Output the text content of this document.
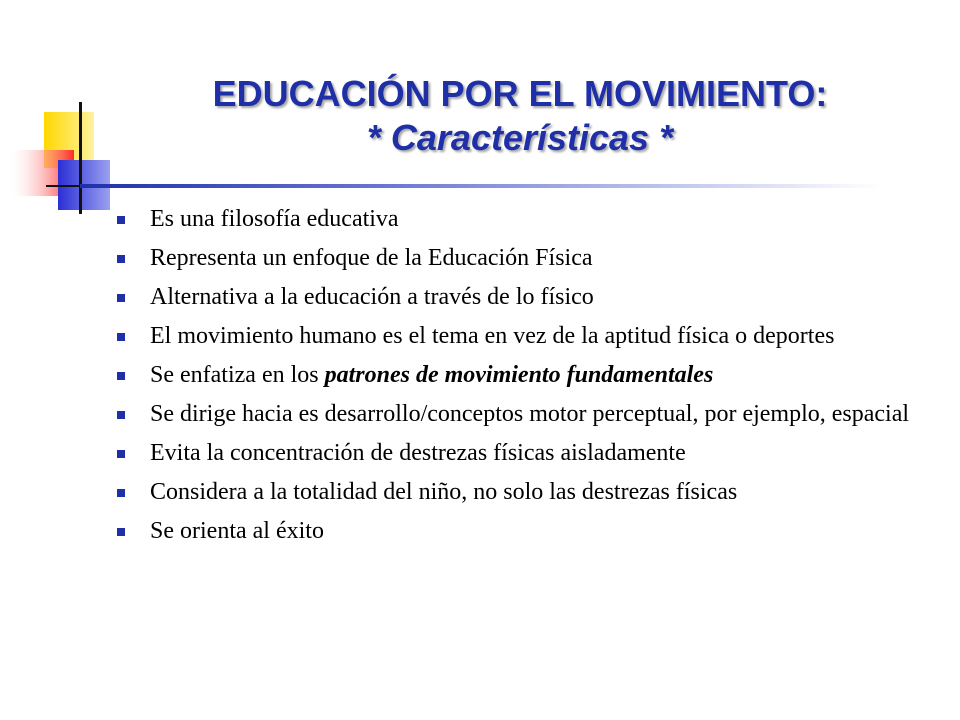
EDUCACIÓN POR EL MOVIMIENTO:
* Características *
Es una filosofía educativa
Representa un enfoque de la Educación Física
Alternativa a la educación a través de lo físico
El movimiento humano es el tema en vez de la aptitud física o deportes
Se enfatiza en los patrones de movimiento fundamentales
Se dirige hacia es desarrollo/conceptos motor perceptual, por ejemplo, espacial
Evita la concentración de destrezas físicas aisladamente
Considera a la totalidad del niño, no solo las destrezas físicas
Se orienta al éxito
